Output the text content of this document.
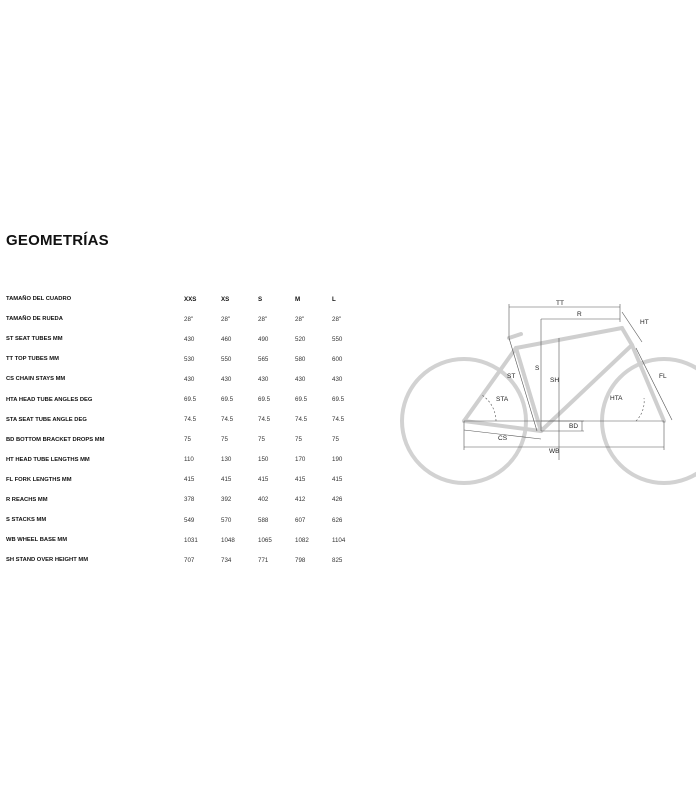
GEOMETRÍAS
TAMAÑO DEL CUADRO	XXS	XS	S	M	L
TAMAÑO DE RUEDA	28"	28"	28"	28"	28"
ST SEAT TUBES MM	430	460	490	520	550
TT TOP TUBES MM	530	550	565	580	600
CS CHAIN STAYS MM	430	430	430	430	430
HTA HEAD TUBE ANGLES DEG	69.5	69.5	69.5	69.5	69.5
STA SEAT TUBE ANGLE DEG	74.5	74.5	74.5	74.5	74.5
BD BOTTOM BRACKET DROPS MM	75	75	75	75	75
HT HEAD TUBE LENGTHS MM	110	130	150	170	190
FL FORK LENGTHS MM	415	415	415	415	415
R REACHS MM	378	392	402	412	426
S STACKS MM	549	570	588	607	626
WB WHEEL BASE MM	1031	1048	1065	1082	1104
SH STAND OVER HEIGHT MM	707	734	771	798	825
TT
R
HT
ST
S
SH
STA	HTA
FL
CS
BD
WB
